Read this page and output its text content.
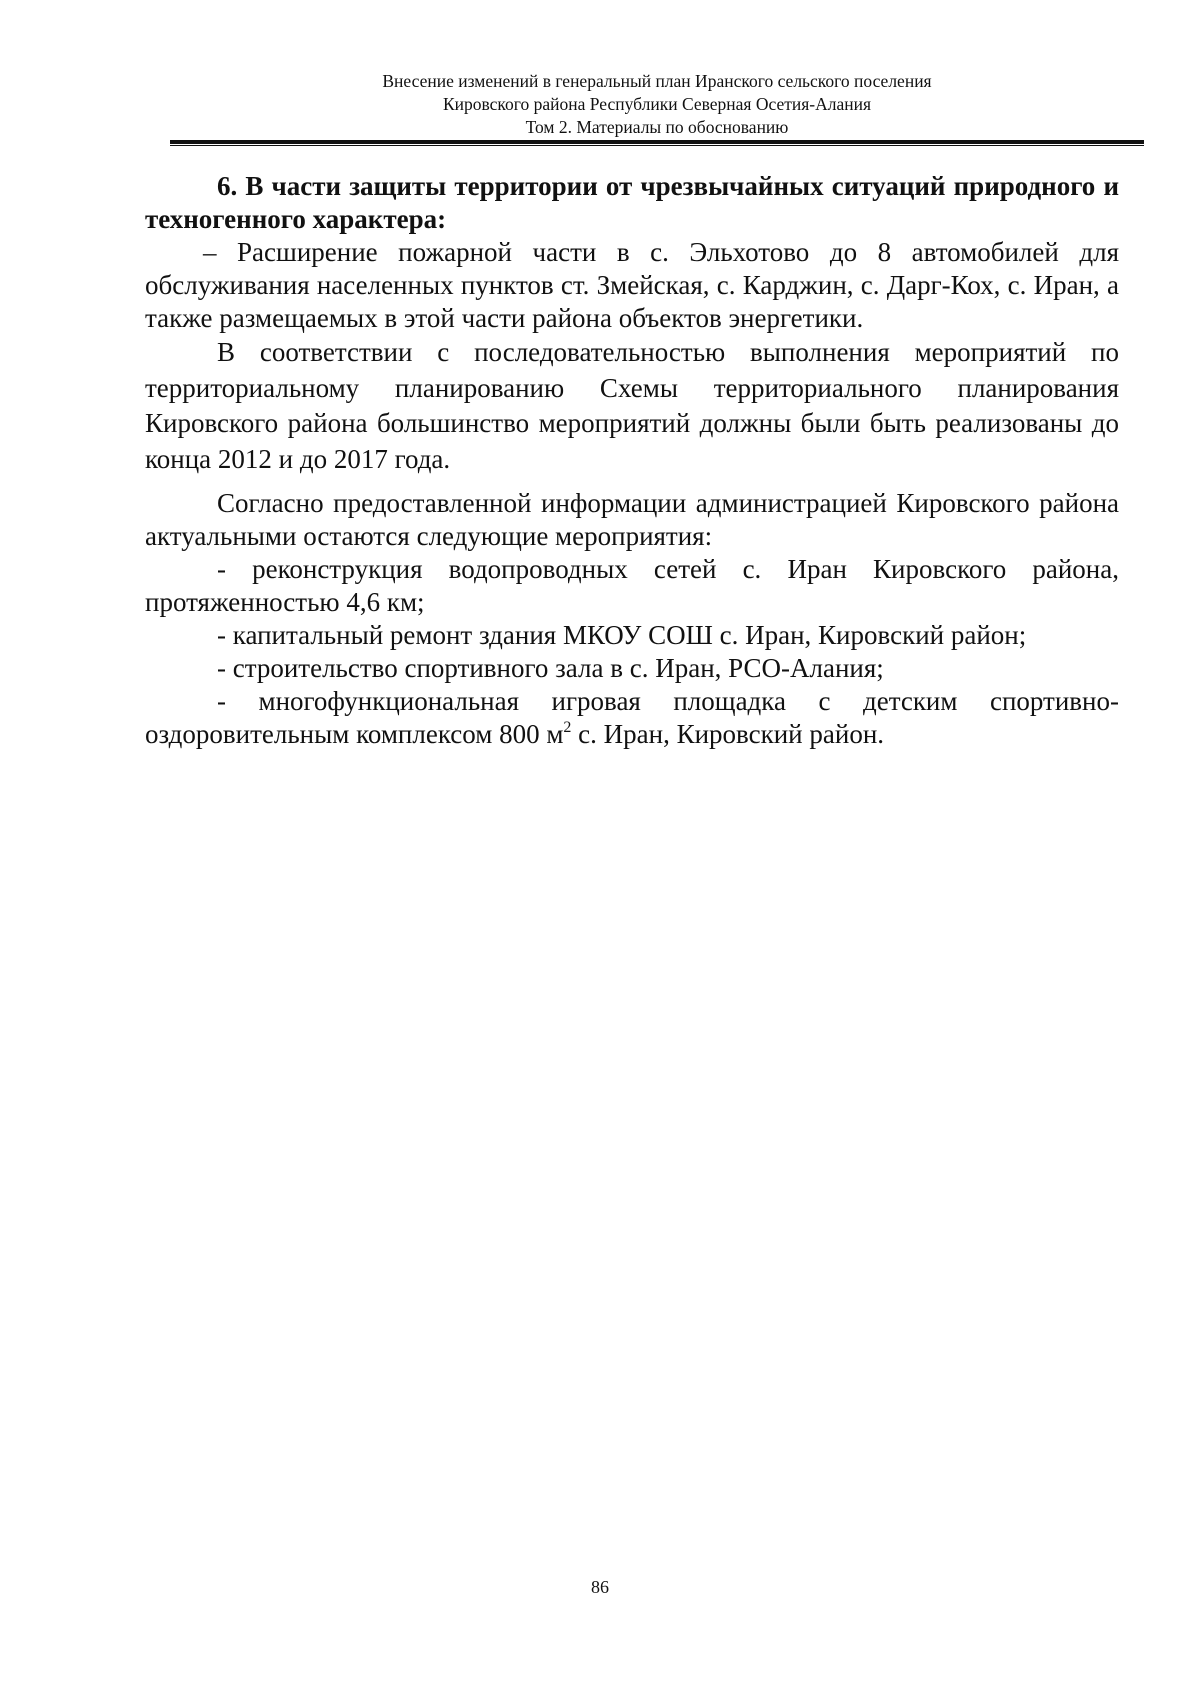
Внесение изменений в генеральный план Иранского сельского поселения
Кировского района Республики Северная Осетия-Алания
Том 2. Материалы по обоснованию

6. В части защиты территории от чрезвычайных ситуаций природного и техногенного характера:

– Расширение пожарной части в с. Эльхотово до 8 автомобилей для обслуживания населенных пунктов ст. Змейская, с. Карджин, с. Дарг-Кох, с. Иран, а также размещаемых в этой части района объектов энергетики.

В соответствии с последовательностью выполнения мероприятий по территориальному планированию Схемы территориального планирования Кировского района большинство мероприятий должны были быть реализованы до конца 2012 и до 2017 года.

Согласно предоставленной информации администрацией Кировского района актуальными остаются следующие мероприятия:

- реконструкция водопроводных сетей с. Иран Кировского района, протяженностью 4,6 км;

- капитальный ремонт здания МКОУ СОШ с. Иран, Кировский район;

- строительство спортивного зала в с. Иран, РСО-Алания;

- многофункциональная игровая площадка с детским спортивно-оздоровительным комплексом 800 $м^2$ с. Иран, Кировский район.

86
